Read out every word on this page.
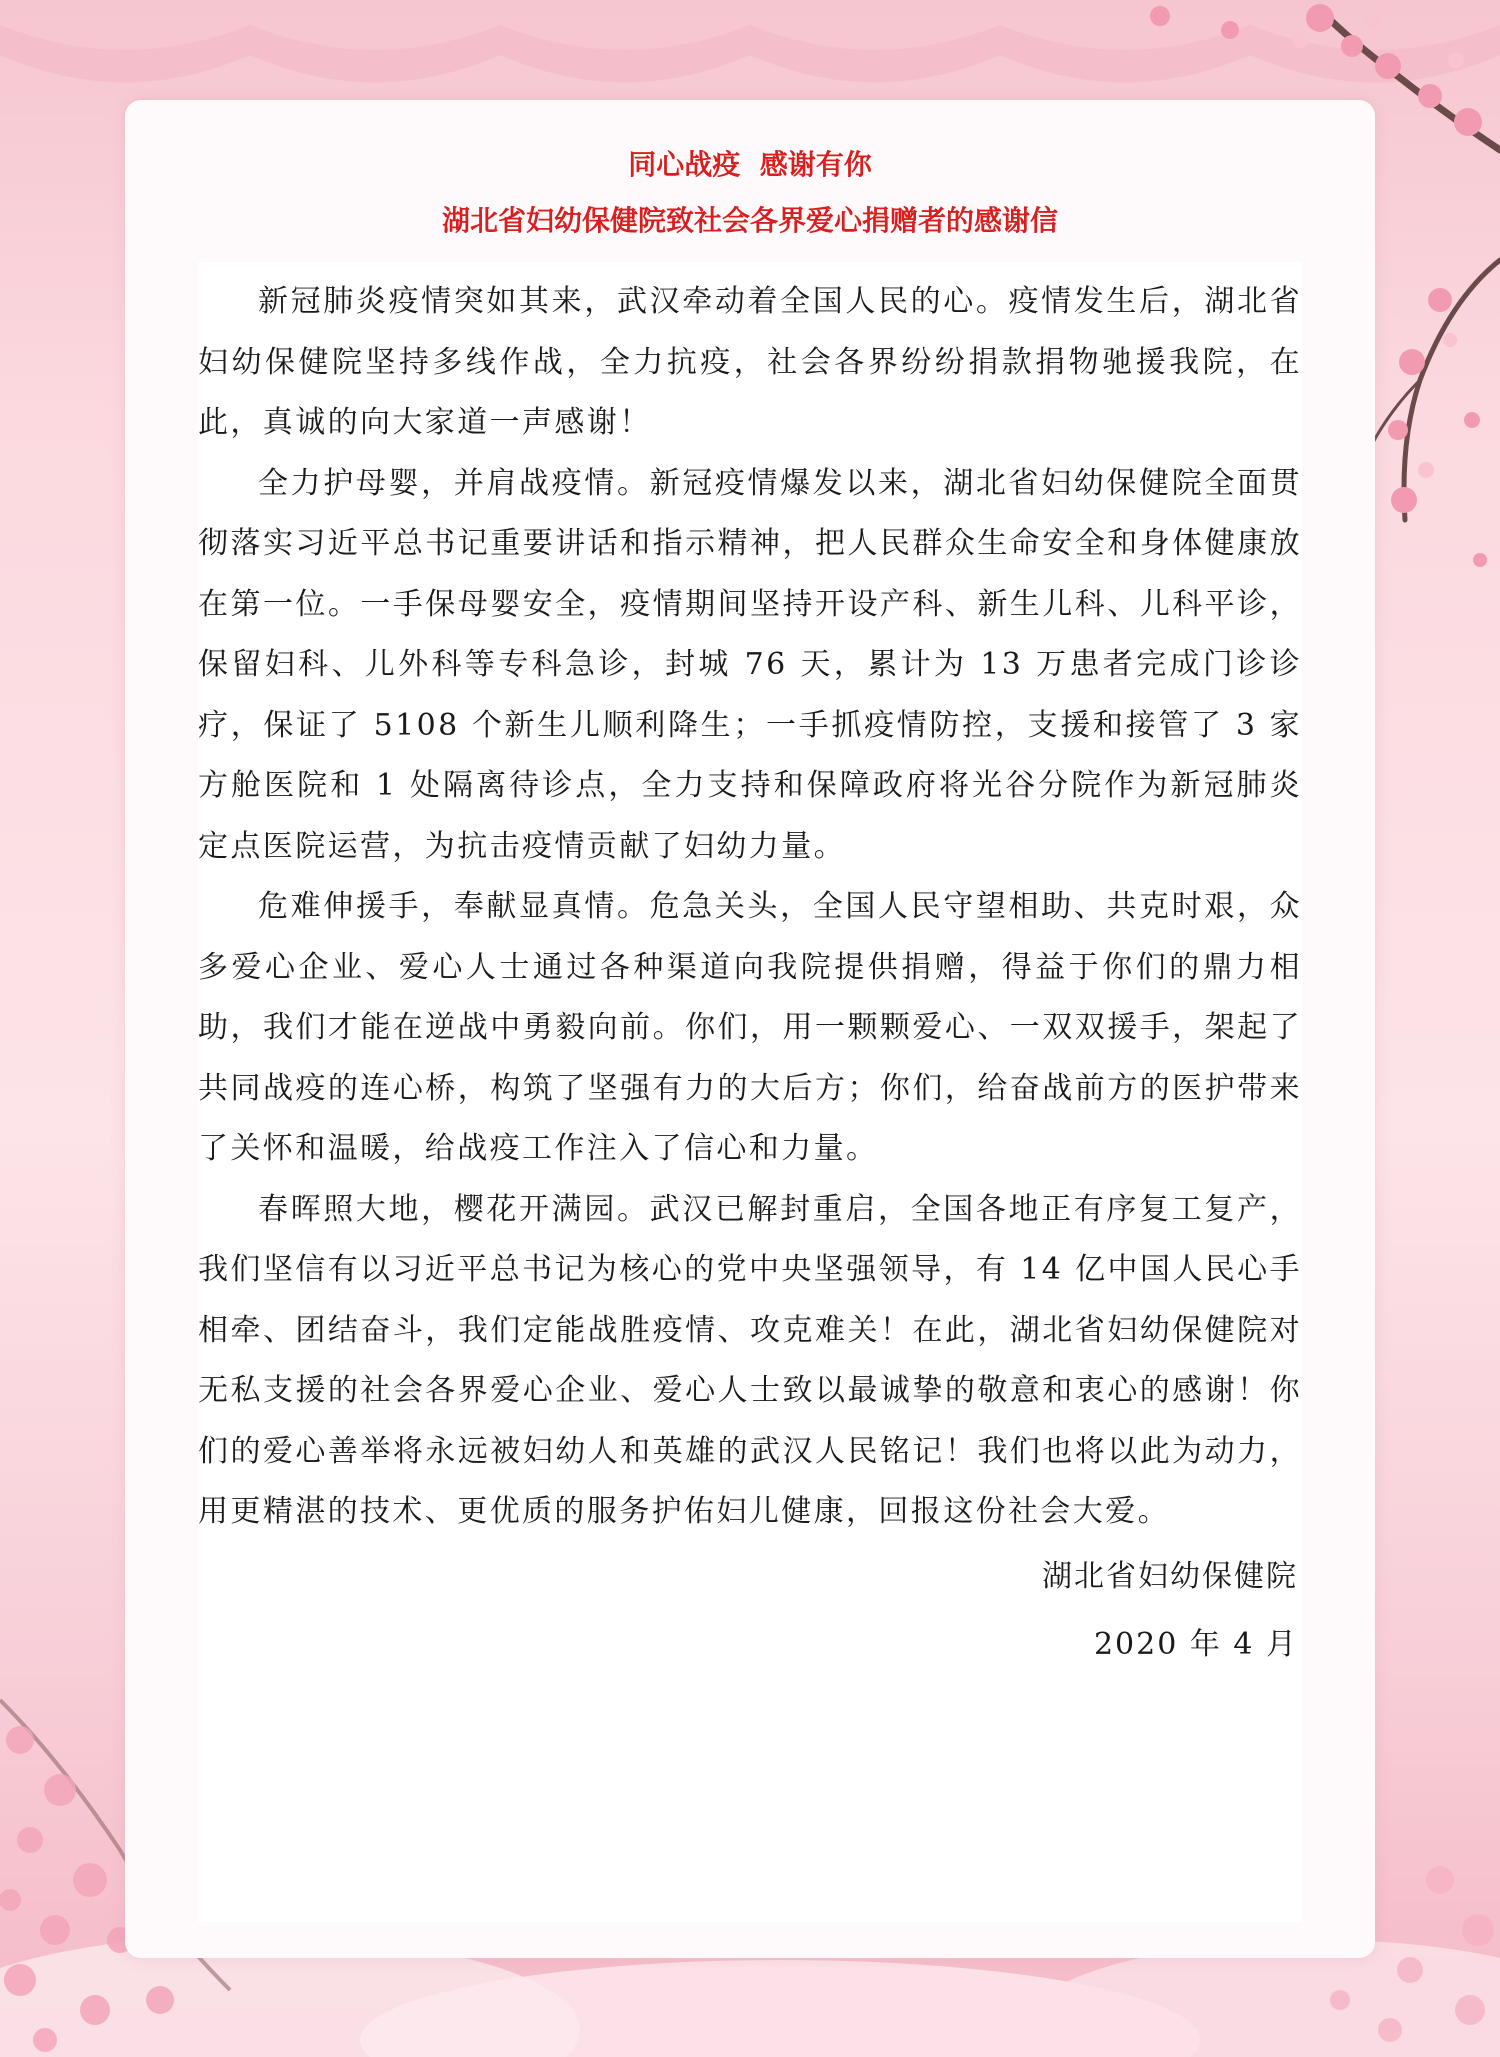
同心战疫  感谢有你

湖北省妇幼保健院致社会各界爱心捐赠者的感谢信

新冠肺炎疫情突如其来，武汉牵动着全国人民的心。疫情发生后，湖北省妇幼保健院坚持多线作战，全力抗疫，社会各界纷纷捐款捐物驰援我院，在此，真诚的向大家道一声感谢！

全力护母婴，并肩战疫情。新冠疫情爆发以来，湖北省妇幼保健院全面贯彻落实习近平总书记重要讲话和指示精神，把人民群众生命安全和身体健康放在第一位。一手保母婴安全，疫情期间坚持开设产科、新生儿科、儿科平诊，保留妇科、儿外科等专科急诊，封城 76 天，累计为 13 万患者完成门诊诊疗，保证了 5108 个新生儿顺利降生；一手抓疫情防控，支援和接管了 3 家方舱医院和 1 处隔离待诊点，全力支持和保障政府将光谷分院作为新冠肺炎定点医院运营，为抗击疫情贡献了妇幼力量。

危难伸援手，奉献显真情。危急关头，全国人民守望相助、共克时艰，众多爱心企业、爱心人士通过各种渠道向我院提供捐赠，得益于你们的鼎力相助，我们才能在逆战中勇毅向前。你们，用一颗颗爱心、一双双援手，架起了共同战疫的连心桥，构筑了坚强有力的大后方；你们，给奋战前方的医护带来了关怀和温暖，给战疫工作注入了信心和力量。

春晖照大地，樱花开满园。武汉已解封重启，全国各地正有序复工复产，我们坚信有以习近平总书记为核心的党中央坚强领导，有 14 亿中国人民心手相牵、团结奋斗，我们定能战胜疫情、攻克难关！在此，湖北省妇幼保健院对无私支援的社会各界爱心企业、爱心人士致以最诚挚的敬意和衷心的感谢！你们的爱心善举将永远被妇幼人和英雄的武汉人民铭记！我们也将以此为动力，用更精湛的技术、更优质的服务护佑妇儿健康，回报这份社会大爱。

湖北省妇幼保健院

2020 年 4 月
